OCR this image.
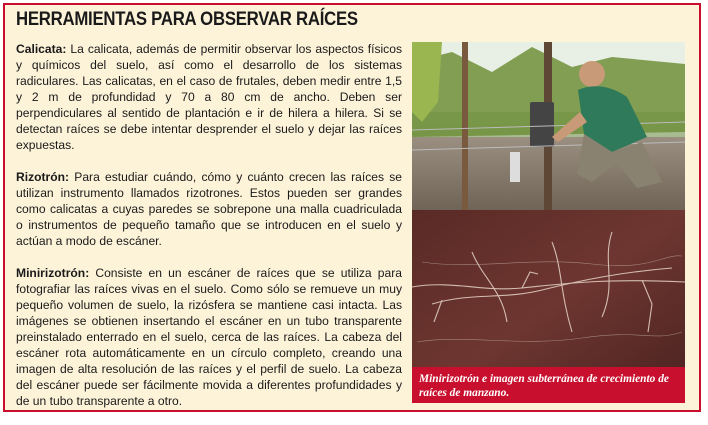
HERRAMIENTAS PARA OBSERVAR RAÍCES

Calicata: La calicata, además de permitir observar los aspectos físicos y químicos del suelo, así como el desarrollo de los sistemas radiculares. Las calicatas, en el caso de frutales, deben medir entre 1,5 y 2 m de profundidad y 70 a 80 cm de ancho. Deben ser perpendiculares al sentido de plantación e ir de hilera a hilera. Si se detectan raíces se debe intentar desprender el suelo y dejar las raíces expuestas.

Rizotrón: Para estudiar cuándo, cómo y cuánto crecen las raíces se utilizan instrumento llamados rizotrones. Estos pueden ser grandes como calicatas a cuyas paredes se sobrepone una malla cuadriculada o instrumentos de pequeño tamaño que se introducen en el suelo y actúan a modo de escáner.

Minirizotrón: Consiste en un escáner de raíces que se utiliza para fotografiar las raíces vivas en el suelo. Como sólo se remueve un muy pequeño volumen de suelo, la rizósfera se mantiene casi intacta. Las imágenes se obtienen insertando el escáner en un tubo transparente preinstalado enterrado en el suelo, cerca de las raíces. La cabeza del escáner rota automáticamente en un círculo completo, creando una imagen de alta resolución de las raíces y el perfil de suelo. La cabeza del escáner puede ser fácilmente movida a diferentes profundidades y de un tubo transparente a otro.

Minirizotrón e imagen subterránea de crecimiento de raíces de manzano.
